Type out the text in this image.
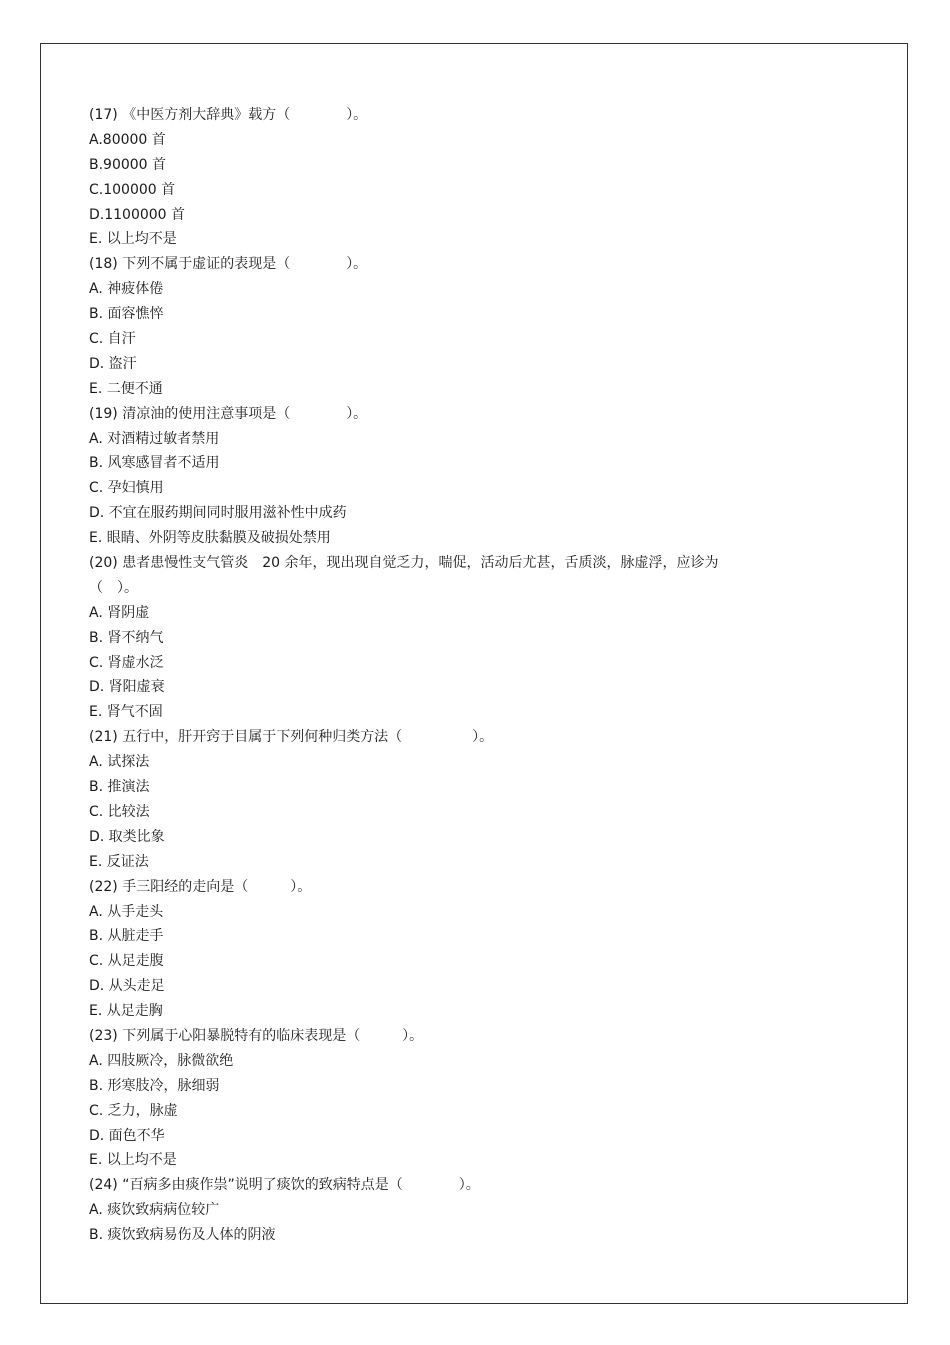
(17) 《中医方剂大辞典》载方（　　　　）。
A.80000 首
B.90000 首
C.100000 首
D.1100000 首
E. 以上均不是
(18) 下列不属于虚证的表现是（　　　　）。
A. 神疲体倦
B. 面容憔悴
C. 自汗
D. 盗汗
E. 二便不通
(19) 清凉油的使用注意事项是（　　　　）。
A. 对酒精过敏者禁用
B. 风寒感冒者不适用
C. 孕妇慎用
D. 不宜在服药期间同时服用滋补性中成药
E. 眼睛、外阴等皮肤黏膜及破损处禁用
(20) 患者患慢性支气管炎　20 余年，现出现自觉乏力，喘促，活动后尤甚，舌质淡，脉虚浮，应诊为
（　）。
A. 肾阴虚
B. 肾不纳气
C. 肾虚水泛
D. 肾阳虚衰
E. 肾气不固
(21) 五行中，肝开窍于目属于下列何种归类方法（　　　　　）。
A. 试探法
B. 推演法
C. 比较法
D. 取类比象
E. 反证法
(22) 手三阳经的走向是（　　　）。
A. 从手走头
B. 从脏走手
C. 从足走腹
D. 从头走足
E. 从足走胸
(23) 下列属于心阳暴脱特有的临床表现是（　　　）。
A. 四肢厥冷，脉微欲绝
B. 形寒肢冷，脉细弱
C. 乏力，脉虚
D. 面色不华
E. 以上均不是
(24) “百病多由痰作祟”说明了痰饮的致病特点是（　　　　）。
A. 痰饮致病病位较广
B. 痰饮致病易伤及人体的阴液
